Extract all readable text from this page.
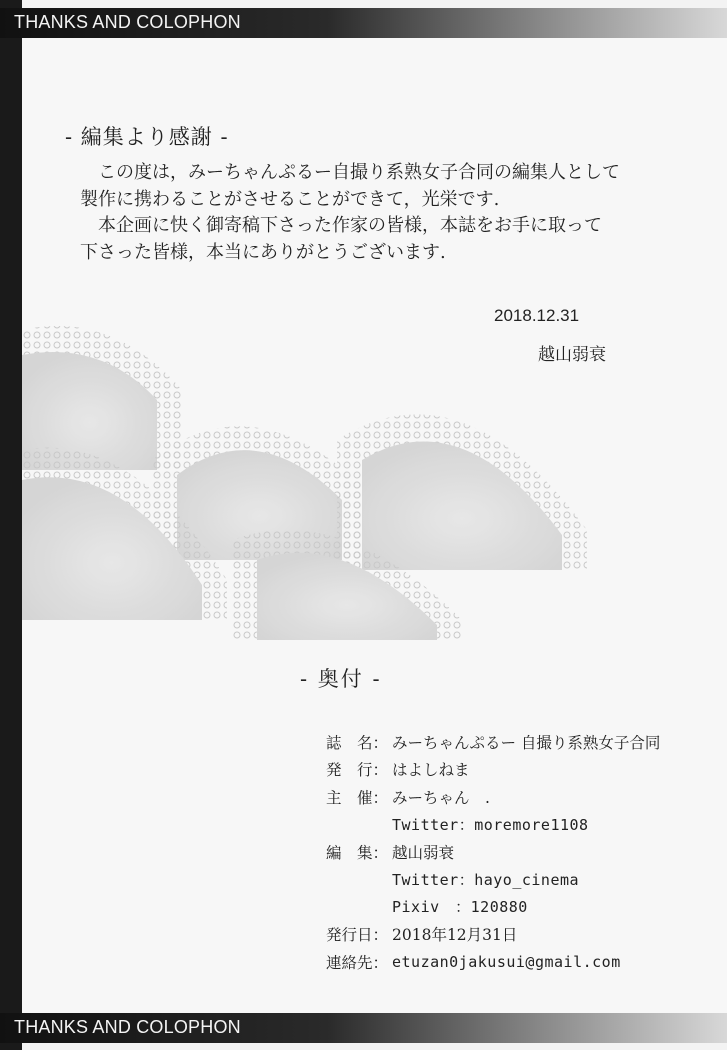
THANKS AND COLOPHON
- 編集より感謝 -

この度は，みーちゃんぷるー自撮り系熟女子合同の編集人として

製作に携わることがさせることができて，光栄です.

本企画に快く御寄稿下さった作家の皆様，本誌をお手に取って

下さった皆様，本当にありがとうございます.

2018.12.31
越山弱衰
- 奥付 -
誌　名： みーちゃんぷるー 自撮り系熟女子合同
発　行： はよしねま
主　催： みーちゃん　.
Twitter：moremore1108
編　集： 越山弱衰
Twitter：hayo_cinema
Pixiv　：120880
発行日： 2018年12月31日
連絡先： etuzan0jakusui@gmail.com
THANKS AND COLOPHON
